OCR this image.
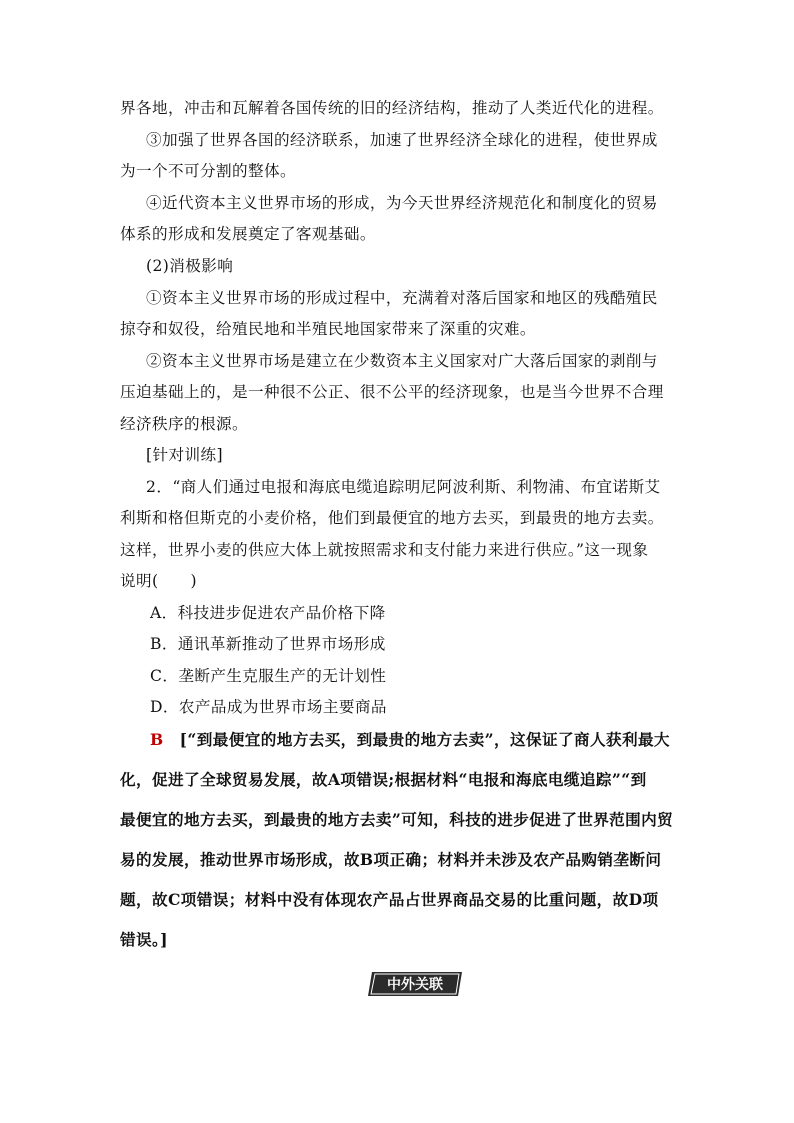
界各地，冲击和瓦解着各国传统的旧的经济结构，推动了人类近代化的进程。
③加强了世界各国的经济联系，加速了世界经济全球化的进程，使世界成
为一个不可分割的整体。
④近代资本主义世界市场的形成，为今天世界经济规范化和制度化的贸易
体系的形成和发展奠定了客观基础。
(2)消极影响
①资本主义世界市场的形成过程中，充满着对落后国家和地区的残酷殖民
掠夺和奴役，给殖民地和半殖民地国家带来了深重的灾难。
②资本主义世界市场是建立在少数资本主义国家对广大落后国家的剥削与
压迫基础上的，是一种很不公正、很不公平的经济现象，也是当今世界不合理
经济秩序的根源。
[针对训练]
2．“商人们通过电报和海底电缆追踪明尼阿波利斯、利物浦、布宜诺斯艾
利斯和格但斯克的小麦价格，他们到最便宜的地方去买，到最贵的地方去卖。
这样，世界小麦的供应大体上就按照需求和支付能力来进行供应。”这一现象
说明(　　)
A．科技进步促进农产品价格下降
B．通讯革新推动了世界市场形成
C．垄断产生克服生产的无计划性
D．农产品成为世界市场主要商品
B [“到最便宜的地方去买，到最贵的地方去卖”，这保证了商人获利最大
化，促进了全球贸易发展，故A项错误;根据材料“电报和海底电缆追踪”“到
最便宜的地方去买，到最贵的地方去卖”可知，科技的进步促进了世界范围内贸
易的发展，推动世界市场形成，故B项正确；材料并未涉及农产品购销垄断问
题，故C项错误；材料中没有体现农产品占世界商品交易的比重问题，故D项
错误。]
中外关联
